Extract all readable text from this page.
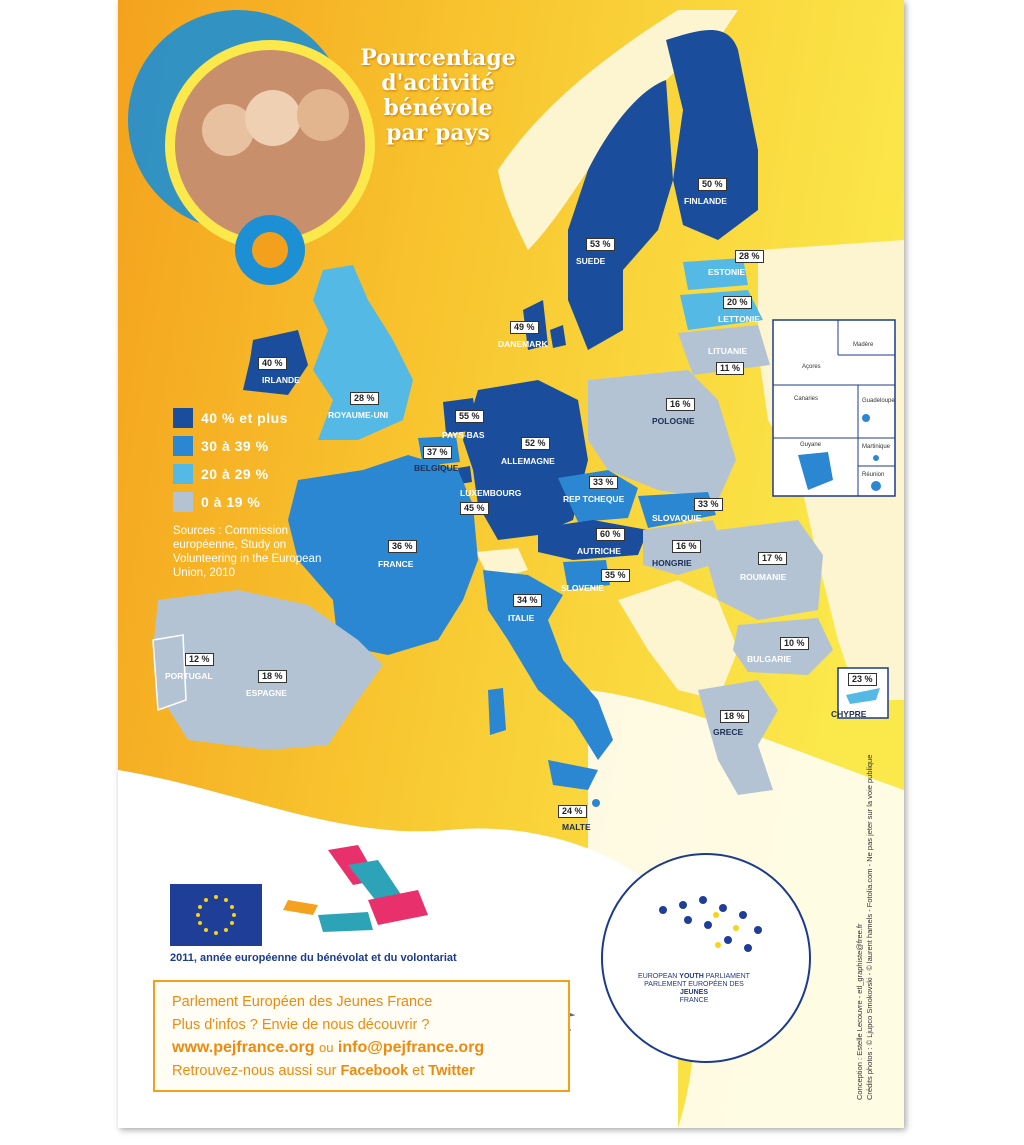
Pourcentage
d'activité
bénévole
par pays
40 % et plus
30 à 39 %
20 à 29 %
0 à 19 %
Sources : Commission européenne, Study on Volunteering in the European Union, 2010
50 %
FINLANDE
53 %
SUEDE	28 %
ESTONIE
20 %
LETTONIE
LITUANIE
11 %
49 %
DANEMARK
40 %
IRLANDE
28 %
ROYAUME-UNI	55 %
PAYS-BAS
37 %
BELGIQUE
LUXEMBOURG
45 %
52 %
ALLEMAGNE
16 %
POLOGNE
33 %
REP TCHEQUE	33 %
SLOVAQUIE
60 %
AUTRICHE	16 %
HONGRIE	17 %
ROUMANIE
35 %
SLOVENIE
36 %
FRANCE
34 %
ITALIE
10 %
BULGARIE
12 %
PORTUGAL	18 %
ESPAGNE
18 %
GRECE
23 %
CHYPRE
24 %
MALTE
Madère
Açores
Canaries	Guadeloupe
Martinique
Guyane
Réunion
2011, année européenne du bénévolat et du volontariat
Parlement Européen des Jeunes France
Plus d'infos ? Envie de nous découvrir ?
www.pejfrance.org ou info@pejfrance.org
Retrouvez-nous aussi sur Facebook et Twitter
EUROPEAN YOUTH PARLIAMENT
PARLEMENT EUROPÉEN DES JEUNES
FRANCE	Conception : Estelle Lecouvre - etl_graphiste@free.fr Crédits photos : © Ljupco Smokovski - © laurent hamels - Fotolia.com - Ne pas jeter sur la voie publique
